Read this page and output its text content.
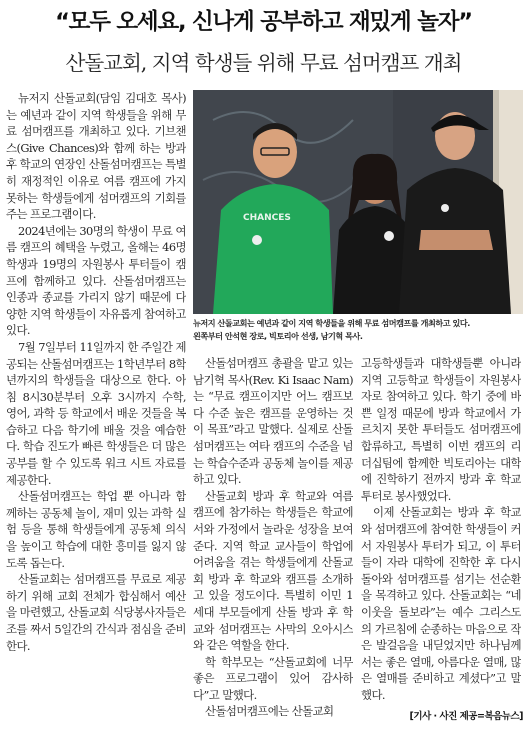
“모두 오세요, 신나게 공부하고 재밌게 놀자”
산돌교회, 지역 학생들 위해 무료 섬머캠프 개최

뉴저지 산돌교회(담임 김대호 목사)는 예년과 같이 지역 학생들을 위해 무료 섬머캠프를 개최하고 있다. 기브챈스(Give Chances)와 함께 하는 방과 후 학교의 연장인 산돌섬머캠프는 특별히 재정적인 이유로 여름 캠프에 가지 못하는 학생들에게 섬머캠프의 기회를 주는 프로그램이다.

2024년에는 30명의 학생이 무료 여름 캠프의 혜택을 누렸고, 올해는 46명 학생과 19명의 자원봉사 투터들이 캠프에 함께하고 있다. 산돌섬머캠프는 인종과 종교를 가리지 않기 때문에 다양한 지역 학생들이 자유롭게 참여하고 있다.

7월 7일부터 11일까지 한 주일간 제공되는 산돌섬머캠프는 1학년부터 8학년까지의 학생들을 대상으로 한다. 아침 8시30분부터 오후 3시까지 수학, 영어, 과학 등 학교에서 배운 것들을 복습하고 다음 학기에 배울 것을 예습한다. 학습 진도가 빠른 학생들은 더 많은 공부를 할 수 있도록 워크 시트 자료를 제공한다.

산돌섬머캠프는 학업 뿐 아니라 함께하는 공동체 놀이, 재미 있는 과학 실험 등을 통해 학생들에게 공동체 의식을 높이고 학습에 대한 흥미를 잃지 않도록 돕는다.

산돌교회는 섬머캠프를 무료로 제공하기 위해 교회 전체가 합심해서 예산을 마련했고, 산돌교회 식당봉사자들은 조를 짜서 5일간의 간식과 점심을 준비한다.

CHANCES
뉴저지 산돌교회는 예년과 같이 지역 학생들을 위해 무료 섬머캠프를 개최하고 있다.
왼쪽부터 안석현 장로, 빅토리아 선생, 남기혁 목사.

산돌섬머캠프 총괄을 맡고 있는 남기혁 목사(Rev. Ki Isaac Nam)는 “무료 캠프이지만 어느 캠프보다 수준 높은 캠프를 운영하는 것이 목표”라고 말했다. 실제로 산돌 섬머캠프는 여타 캠프의 수준을 넘는 학습수준과 공동체 놀이를 제공하고 있다.

산돌교회 방과 후 학교와 여름 캠프에 참가하는 학생들은 학교에서와 가정에서 놀라운 성장을 보여준다. 지역 학교 교사들이 학업에 어려움을 겪는 학생들에게 산돌교회 방과 후 학교와 캠프를 소개하고 있을 정도이다. 특별히 이민 1세대 부모들에게 산돌 방과 후 학교와 섬머캠프는 사막의 오아시스와 같은 역할을 한다.

학 학부모는 “산돌교회에 너무 좋은 프로그램이 있어 감사하다”고 말했다.

산돌섬머캠프에는 산돌교회

고등학생들과 대학생들뿐 아니라 지역 고등학교 학생들이 자원봉사자로 참여하고 있다. 학기 중에 바쁜 일정 때문에 방과 학교에서 가르치지 못한 투터들도 섬머캠프에 합류하고, 특별히 이번 캠프의 리더십팀에 함께한 빅토리아는 대학에 진학하기 전까지 방과 후 학교 투터로 봉사했었다.

이제 산돌교회는 방과 후 학교와 섬머캠프에 참여한 학생들이 커서 자원봉사 투터가 되고, 이 투터들이 자라 대학에 진학한 후 다시 돌아와 섬머캠프를 섬기는 선순환을 목격하고 있다. 산돌교회는 “네 이웃을 돌보라”는 예수 그리스도의 가르침에 순종하는 마음으로 작은 발걸음을 내딛었지만 하나님께서는 좋은 열매, 아름다운 열매, 많은 열매를 준비하고 계셨다”고 말했다.

[기사 · 사진 제공=복음뉴스]
